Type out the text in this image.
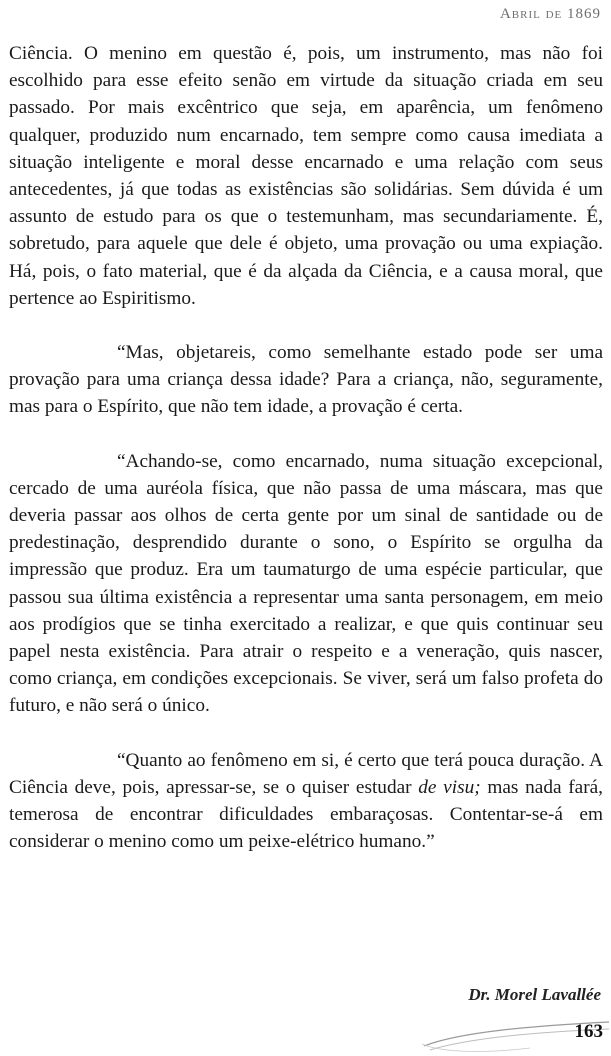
Abril de 1869

Ciência. O menino em questão é, pois, um instrumento, mas não foi escolhido para esse efeito senão em virtude da situação criada em seu passado. Por mais excêntrico que seja, em aparência, um fenômeno qualquer, produzido num encarnado, tem sempre como causa imediata a situação inteligente e moral desse encarnado e uma relação com seus antecedentes, já que todas as existências são solidárias. Sem dúvida é um assunto de estudo para os que o testemunham, mas secundariamente. É, sobretudo, para aquele que dele é objeto, uma provação ou uma expiação. Há, pois, o fato material, que é da alçada da Ciência, e a causa moral, que pertence ao Espiritismo.

“Mas, objetareis, como semelhante estado pode ser uma provação para uma criança dessa idade? Para a criança, não, seguramente, mas para o Espírito, que não tem idade, a provação é certa.

“Achando-se, como encarnado, numa situação excepcional, cercado de uma auréola física, que não passa de uma máscara, mas que deveria passar aos olhos de certa gente por um sinal de santidade ou de predestinação, desprendido durante o sono, o Espírito se orgulha da impressão que produz. Era um taumaturgo de uma espécie particular, que passou sua última existência a representar uma santa personagem, em meio aos prodígios que se tinha exercitado a realizar, e que quis continuar seu papel nesta existência. Para atrair o respeito e a veneração, quis nascer, como criança, em condições excepcionais. Se viver, será um falso profeta do futuro, e não será o único.

“Quanto ao fenômeno em si, é certo que terá pouca duração. A Ciência deve, pois, apressar-se, se o quiser estudar de visu; mas nada fará, temerosa de encontrar dificuldades embaraçosas. Contentar-se-á em considerar o menino como um peixe-elétrico humano.”

Dr. Morel Lavallée
163
